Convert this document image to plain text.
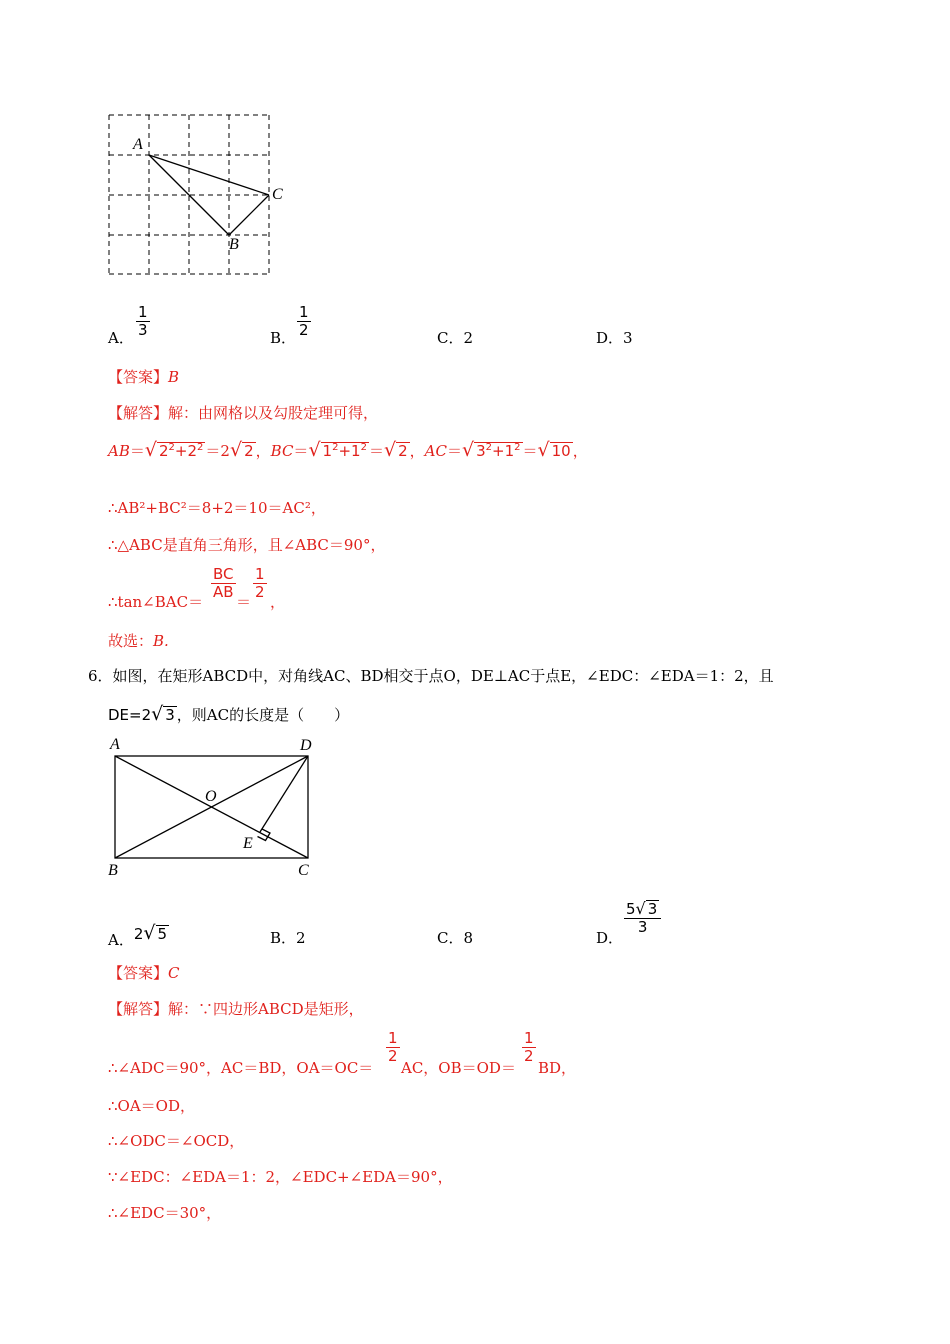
A
B
C
A． $\frac{1}{3}$	B． $\frac{1}{2}$	C．2	D．3
【答案】B
【解答】解：由网格以及勾股定理可得，
AB＝√ $2^2+2^2 =2√$ 2 ，BC＝√ $1^2+1^2$ ＝√ 2 ，AC＝√ $3^2+1^2$ ＝√ 10 ，
∴AB²+BC²＝8+2＝10＝AC²，
∴△ABC是直角三角形，且∠ABC＝90°，
∴tan∠BAC＝
$\frac{BC}{AB}$
＝
$\frac{1}{2}$
，
故选：B.
6．如图，在矩形ABCD中，对角线AC、BD相交于点O，DE⊥AC于点E，∠EDC：∠EDA＝1：2，且
DE=2√ 3 ，则AC的长度是（　　）
A	D
O
E
B	C
A．2√ 5	B．2	C．8	D．
$\frac{5√ 3}{3}$
【答案】C
【解答】解：∵四边形ABCD是矩形，
∴∠ADC＝90°，AC＝BD，OA＝OC＝
$\frac{1}{2}$
AC，OB＝OD＝
$\frac{1}{2}$
BD，
∴OA＝OD，
∴∠ODC＝∠OCD，
∵∠EDC：∠EDA＝1：2，∠EDC+∠EDA＝90°，
∴∠EDC＝30°，
